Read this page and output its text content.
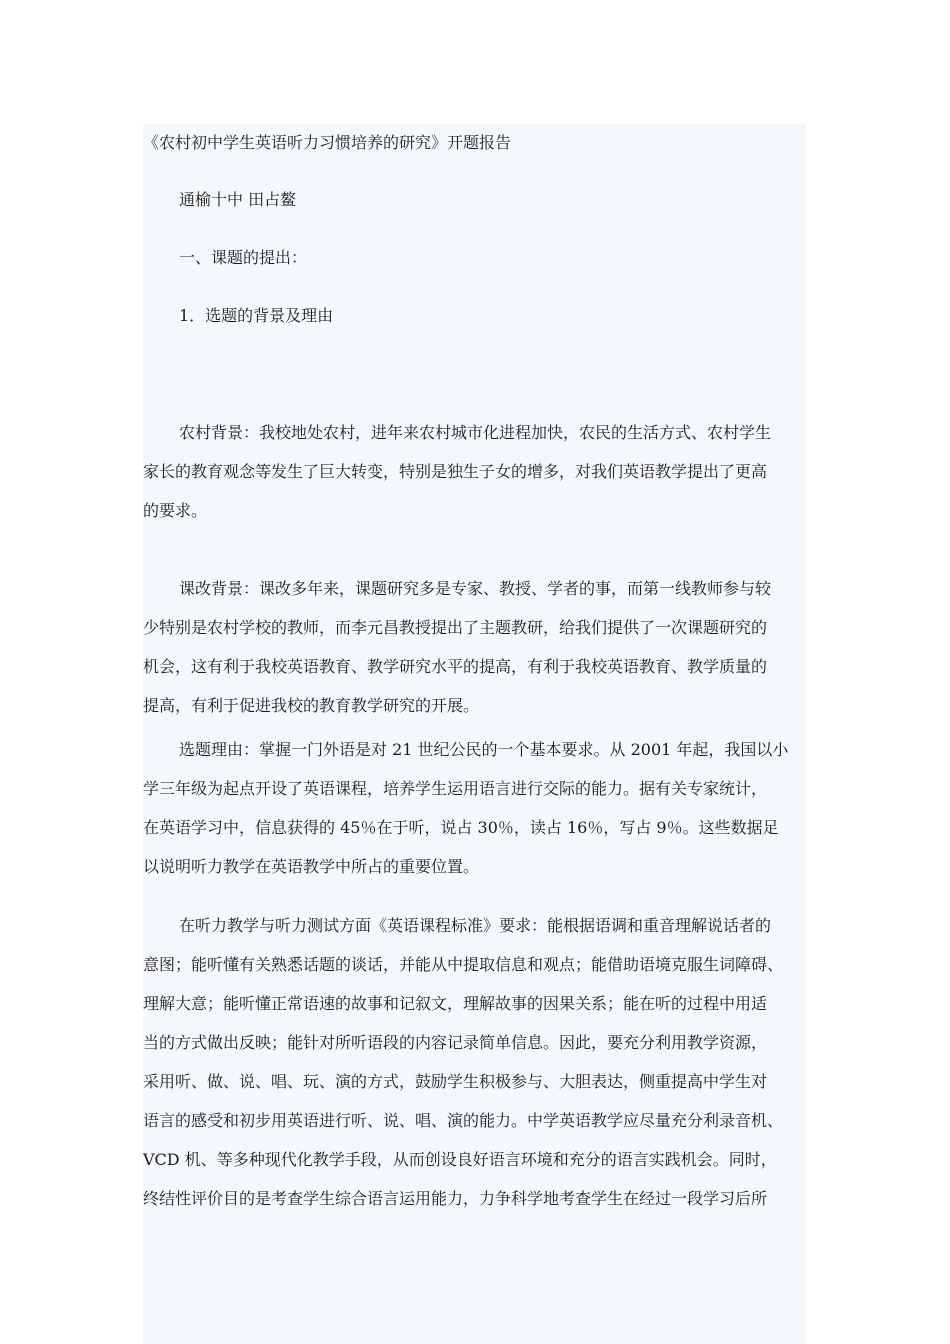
《农村初中学生英语听力习惯培养的研究》开题报告
通榆十中 田占鳌
一、课题的提出：
1．选题的背景及理由
农村背景：我校地处农村，进年来农村城市化进程加快，农民的生活方式、农村学生
家长的教育观念等发生了巨大转变，特别是独生子女的增多，对我们英语教学提出了更高
的要求。
课改背景：课改多年来，课题研究多是专家、教授、学者的事，而第一线教师参与较
少特别是农村学校的教师，而李元昌教授提出了主题教研，给我们提供了一次课题研究的
机会，这有利于我校英语教育、教学研究水平的提高，有利于我校英语教育、教学质量的
提高，有利于促进我校的教育教学研究的开展。
选题理由：掌握一门外语是对 21 世纪公民的一个基本要求。从 2001 年起，我国以小
学三年级为起点开设了英语课程，培养学生运用语言进行交际的能力。据有关专家统计，
在英语学习中，信息获得的 45％在于听，说占 30％，读占 16％，写占 9％。这些数据足
以说明听力教学在英语教学中所占的重要位置。
在听力教学与听力测试方面《英语课程标准》要求：能根据语调和重音理解说话者的
意图；能听懂有关熟悉话题的谈话，并能从中提取信息和观点；能借助语境克服生词障碍、
理解大意；能听懂正常语速的故事和记叙文，理解故事的因果关系；能在听的过程中用适
当的方式做出反映；能针对所听语段的内容记录简单信息。因此，要充分利用教学资源，
采用听、做、说、唱、玩、演的方式，鼓励学生积极参与、大胆表达，侧重提高中学生对
语言的感受和初步用英语进行听、说、唱、演的能力。中学英语教学应尽量充分利录音机、
VCD 机、等多种现代化教学手段，从而创设良好语言环境和充分的语言实践机会。同时，
终结性评价目的是考查学生综合语言运用能力，力争科学地考查学生在经过一段学习后所
